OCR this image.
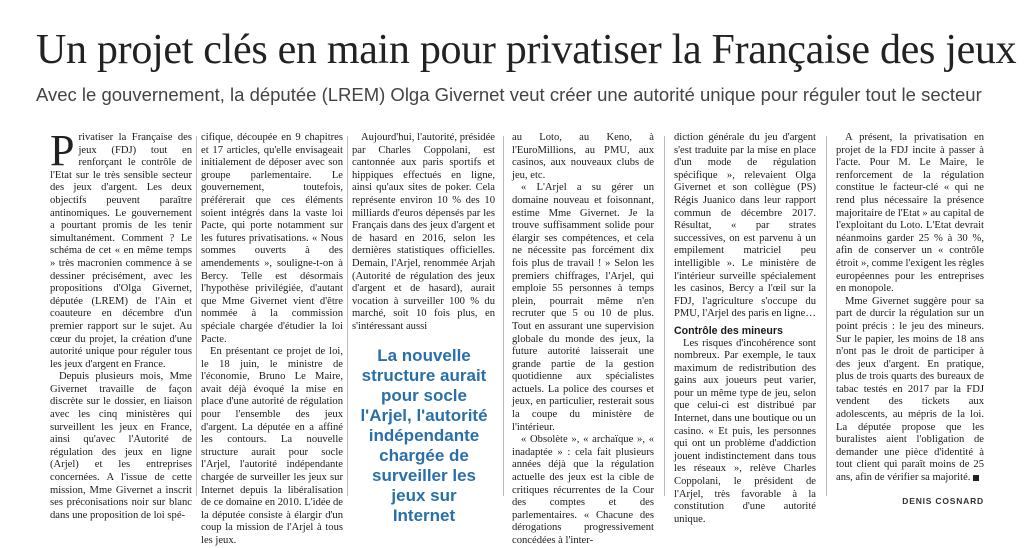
Un projet clés en main pour privatiser la Française des jeux
Avec le gouvernement, la députée (LREM) Olga Givernet veut créer une autorité unique pour réguler tout le secteur

Privatiser la Française des jeux (FDJ) tout en renforçant le contrôle de l'Etat sur le très sensible secteur des jeux d'argent. Les deux objectifs peuvent paraître antinomiques. Le gouvernement a pourtant promis de les tenir simultanément. Comment ? Le schéma de cet « en même temps » très macronien commence à se dessiner précisément, avec les propositions d'Olga Givernet, députée (LREM) de l'Ain et coauteure en décembre d'un premier rapport sur le sujet. Au cœur du projet, la création d'une autorité unique pour réguler tous les jeux d'argent en France.

Depuis plusieurs mois, Mme Givernet travaille de façon discrète sur le dossier, en liaison avec les cinq ministères qui surveillent les jeux en France, ainsi qu'avec l'Autorité de régulation des jeux en ligne (Arjel) et les entreprises concernées. A l'issue de cette mission, Mme Givernet a inscrit ses préconisations noir sur blanc dans une proposition de loi spé-

cifique, découpée en 9 chapitres et 17 articles, qu'elle envisageait initialement de déposer avec son groupe parlementaire. Le gouvernement, toutefois, préférerait que ces éléments soient intégrés dans la vaste loi Pacte, qui porte notamment sur les futures privatisations. « Nous sommes ouverts à des amendements », souligne-t-on à Bercy. Telle est désormais l'hypothèse privilégiée, d'autant que Mme Givernet vient d'être nommée à la commission spéciale chargée d'étudier la loi Pacte.

En présentant ce projet de loi, le 18 juin, le ministre de l'économie, Bruno Le Maire, avait déjà évoqué la mise en place d'une autorité de régulation pour l'ensemble des jeux d'argent. La députée en a affiné les contours. La nouvelle structure aurait pour socle l'Arjel, l'autorité indépendante chargée de surveiller les jeux sur Internet depuis la libéralisation de ce domaine en 2010. L'idée de la députée consiste à élargir d'un coup la mission de l'Arjel à tous les jeux.

Aujourd'hui, l'autorité, présidée par Charles Coppolani, est cantonnée aux paris sportifs et hippiques effectués en ligne, ainsi qu'aux sites de poker. Cela représente environ 10 % des 10 milliards d'euros dépensés par les Français dans des jeux d'argent et de hasard en 2016, selon les dernières statistiques officielles. Demain, l'Arjel, renommée Arjah (Autorité de régulation des jeux d'argent et de hasard), aurait vocation à surveiller 100 % du marché, soit 10 fois plus, en s'intéressant aussi

La nouvelle structure aurait pour socle l'Arjel, l'autorité indépendante chargée de surveiller les jeux sur Internet

au Loto, au Keno, à l'EuroMillions, au PMU, aux casinos, aux nouveaux clubs de jeu, etc.

« L'Arjel a su gérer un domaine nouveau et foisonnant, estime Mme Givernet. Je la trouve suffisamment solide pour élargir ses compétences, et cela ne nécessite pas forcément dix fois plus de travail ! » Selon les premiers chiffrages, l'Arjel, qui emploie 55 personnes à temps plein, pourrait même n'en recruter que 5 ou 10 de plus. Tout en assurant une supervision globale du monde des jeux, la future autorité laisserait une grande partie de la gestion quotidienne aux spécialistes actuels. La police des courses et jeux, en particulier, resterait sous la coupe du ministère de l'intérieur.

« Obsolète », « archaïque », « inadaptée » : cela fait plusieurs années déjà que la régulation actuelle des jeux est la cible de critiques récurrentes de la Cour des comptes et des parlementaires. « Chacune des dérogations progressivement concédées à l'inter-

diction générale du jeu d'argent s'est traduite par la mise en place d'un mode de régulation spécifique », relevaient Olga Givernet et son collègue (PS) Régis Juanico dans leur rapport commun de décembre 2017. Résultat, « par strates successives, on est parvenu à un empilement matriciel peu intelligible ». Le ministère de l'intérieur surveille spécialement les casinos, Bercy a l'œil sur la FDJ, l'agriculture s'occupe du PMU, l'Arjel des paris en ligne…

Contrôle des mineurs

Les risques d'incohérence sont nombreux. Par exemple, le taux maximum de redistribution des gains aux joueurs peut varier, pour un même type de jeu, selon que celui-ci est distribué par Internet, dans une boutique ou un casino. « Et puis, les personnes qui ont un problème d'addiction jouent indistinctement dans tous les réseaux », relève Charles Coppolani, le président de l'Arjel, très favorable à la constitution d'une autorité unique.

A présent, la privatisation en projet de la FDJ incite à passer à l'acte. Pour M. Le Maire, le renforcement de la régulation constitue le facteur-clé « qui ne rend plus nécessaire la présence majoritaire de l'Etat » au capital de l'exploitant du Loto. L'Etat devrait néanmoins garder 25 % à 30 %, afin de conserver un « contrôle étroit », comme l'exigent les règles européennes pour les entreprises en monopole.

Mme Givernet suggère pour sa part de durcir la régulation sur un point précis : le jeu des mineurs. Sur le papier, les moins de 18 ans n'ont pas le droit de participer à des jeux d'argent. En pratique, plus de trois quarts des bureaux de tabac testés en 2017 par la FDJ vendent des tickets aux adolescents, au mépris de la loi. La députée propose que les buralistes aient l'obligation de demander une pièce d'identité à tout client qui paraît moins de 25 ans, afin de vérifier sa majorité.

DENIS COSNARD
